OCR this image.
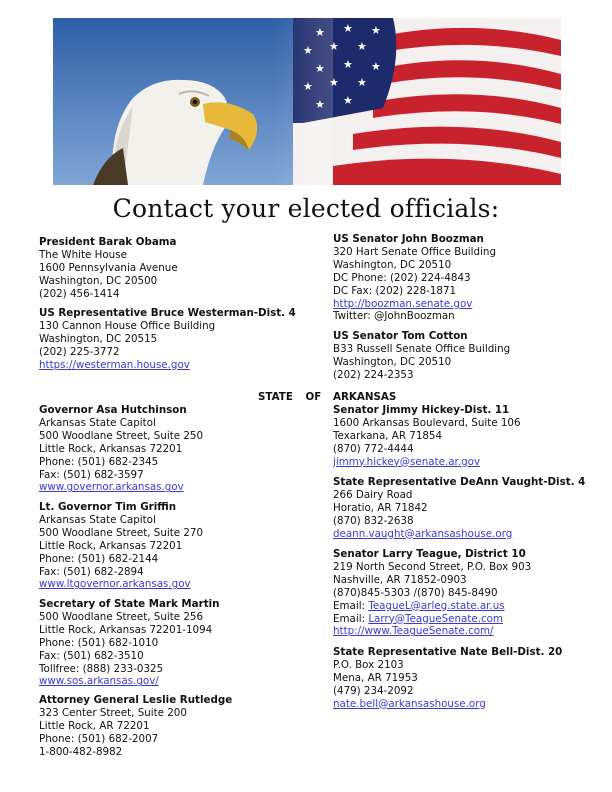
★ ★ ★
★ ★ ★
★ ★ ★
★ ★ ★
★ ★
Contact your elected officials:
President Barak Obama
The White House
1600 Pennsylvania Avenue
Washington, DC 20500
(202) 456-1414
US Representative Bruce Westerman-Dist. 4
130 Cannon House Office Building
Washington, DC 20515
(202) 225-3772
https://westerman.house.gov
Governor Asa Hutchinson
Arkansas State Capitol
500 Woodlane Street, Suite 250
Little Rock, Arkansas 72201
Phone: (501) 682-2345
Fax: (501) 682-3597
www.governor.arkansas.gov
Lt. Governor Tim Griffin
Arkansas State Capitol
500 Woodlane Street, Suite 270
Little Rock, Arkansas 72201
Phone: (501) 682-2144
Fax: (501) 682-2894
www.ltgovernor.arkansas.gov
Secretary of State Mark Martin
500 Woodlane Street, Suite 256
Little Rock, Arkansas 72201-1094
Phone: (501) 682-1010
Fax: (501) 682-3510
Tollfree: (888) 233-0325
www.sos.arkansas.gov/
Attorney General Leslie Rutledge
323 Center Street, Suite 200
Little Rock, AR 72201
Phone: (501) 682-2007
1-800-482-8982
STATE OF ARKANSAS
US Senator John Boozman
320 Hart Senate Office Building
Washington, DC 20510
DC Phone: (202) 224-4843
DC Fax: (202) 228-1871
http://boozman.senate.gov
Twitter: @JohnBoozman
US Senator Tom Cotton
B33 Russell Senate Office Building
Washington, DC 20510
(202) 224-2353
Senator Jimmy Hickey-Dist. 11
1600 Arkansas Boulevard, Suite 106
Texarkana, AR 71854
(870) 772-4444
jimmy.hickey@senate.ar.gov
State Representative DeAnn Vaught-Dist. 4
266 Dairy Road
Horatio, AR 71842
(870) 832-2638
deann.vaught@arkansashouse.org
Senator Larry Teague, District 10
219 North Second Street, P.O. Box 903
Nashville, AR 71852-0903
(870)845-5303 /(870) 845-8490
Email: TeagueL@arleg.state.ar.us
Email: Larry@TeagueSenate.com
http://www.TeagueSenate.com/
State Representative Nate Bell-Dist. 20
P.O. Box 2103
Mena, AR 71953
(479) 234-2092
nate.bell@arkansashouse.org
